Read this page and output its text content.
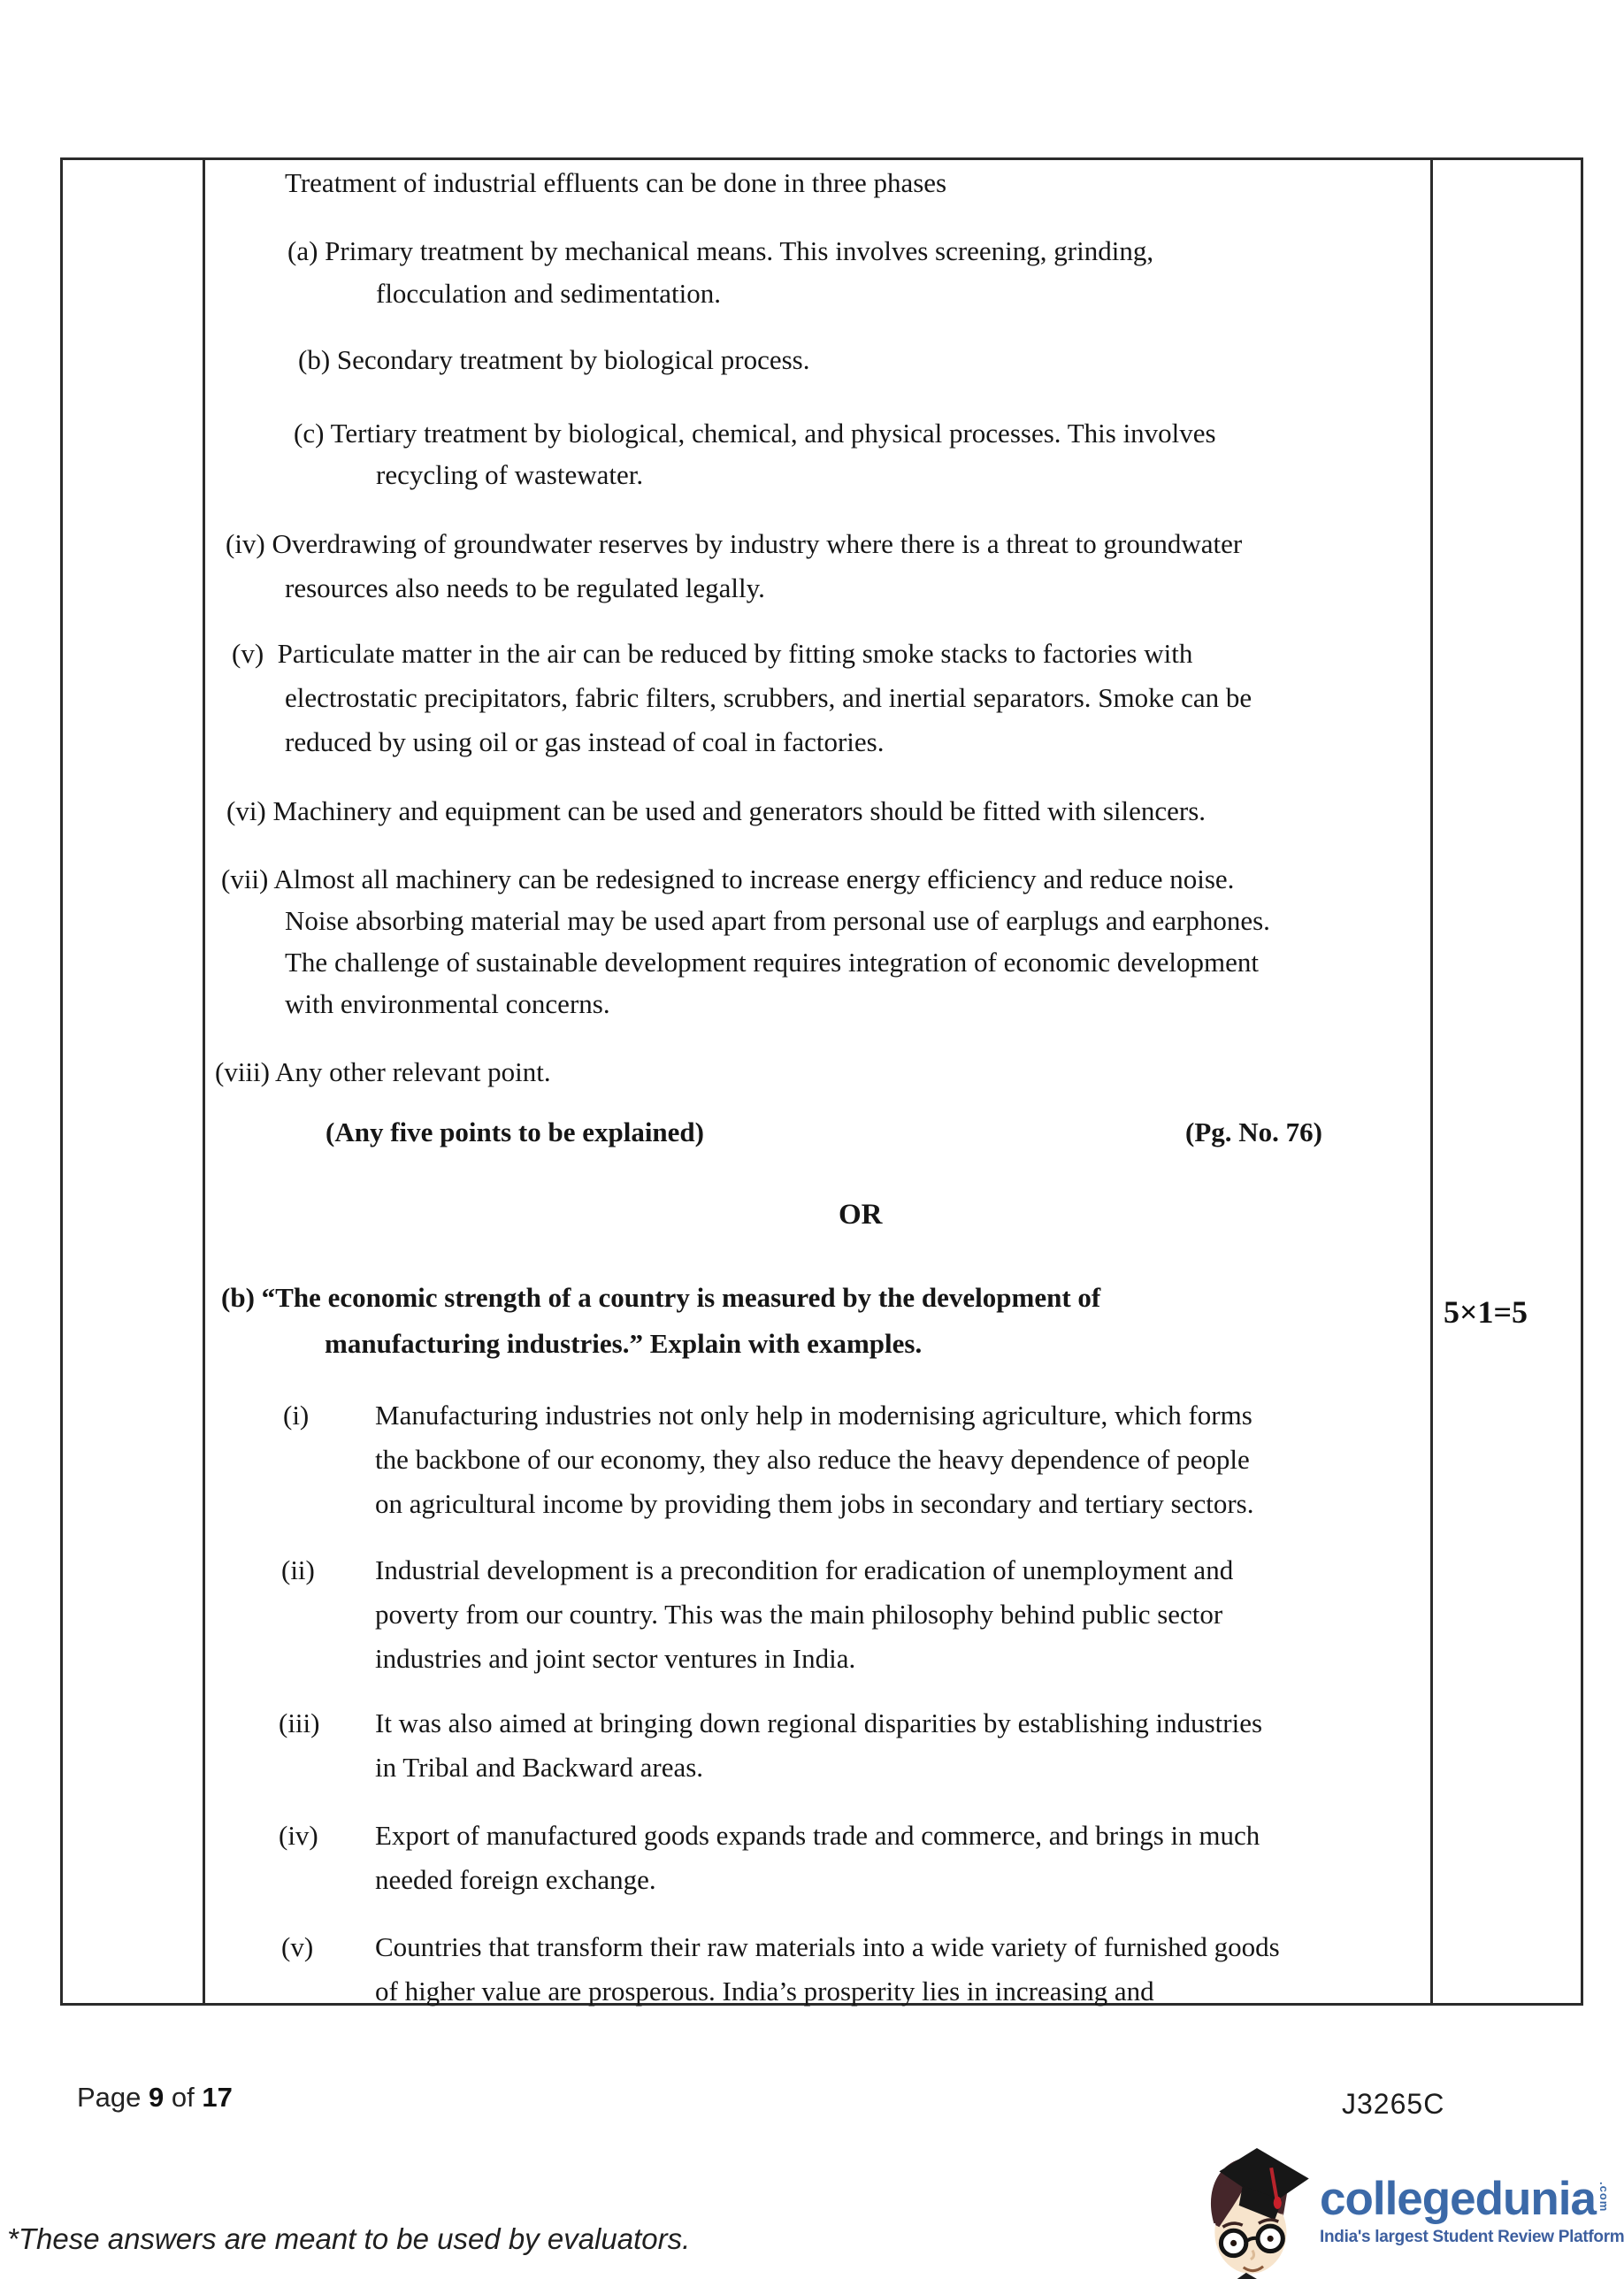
Treatment of industrial effluents can be done in three phases
(a) Primary treatment by mechanical means. This involves screening, grinding,
flocculation and sedimentation.
(b) Secondary treatment by biological process.
(c) Tertiary treatment by biological, chemical, and physical processes. This involves
recycling of wastewater.
(iv) Overdrawing of groundwater reserves by industry where there is a threat to groundwater
resources also needs to be regulated legally.
(v)  Particulate matter in the air can be reduced by fitting smoke stacks to factories with
electrostatic precipitators, fabric filters, scrubbers, and inertial separators. Smoke can be
reduced by using oil or gas instead of coal in factories.
(vi) Machinery and equipment can be used and generators should be fitted with silencers.
(vii) Almost all machinery can be redesigned to increase energy efficiency and reduce noise.
Noise absorbing material may be used apart from personal use of earplugs and earphones.
The challenge of sustainable development requires integration of economic development
with environmental concerns.
(viii) Any other relevant point.
(Any five points to be explained)	(Pg. No. 76)
OR
(b) “The economic strength of a country is measured by the development of
manufacturing industries.” Explain with examples.
(i) Manufacturing industries not only help in modernising agriculture, which forms
the backbone of our economy, they also reduce the heavy dependence of people
on agricultural income by providing them jobs in secondary and tertiary sectors.
(ii) Industrial development is a precondition for eradication of unemployment and
poverty from our country. This was the main philosophy behind public sector
industries and joint sector ventures in India.
(iii) It was also aimed at bringing down regional disparities by establishing industries
in Tribal and Backward areas.
(iv) Export of manufactured goods expands trade and commerce, and brings in much
needed foreign exchange.
(v) Countries that transform their raw materials into a wide variety of furnished goods
of higher value are prosperous. India’s prosperity lies in increasing and
5×1=5
Page 9 of 17	J3265C
*These answers are meant to be used by evaluators.
collegedunia .com
India's largest Student Review Platform
